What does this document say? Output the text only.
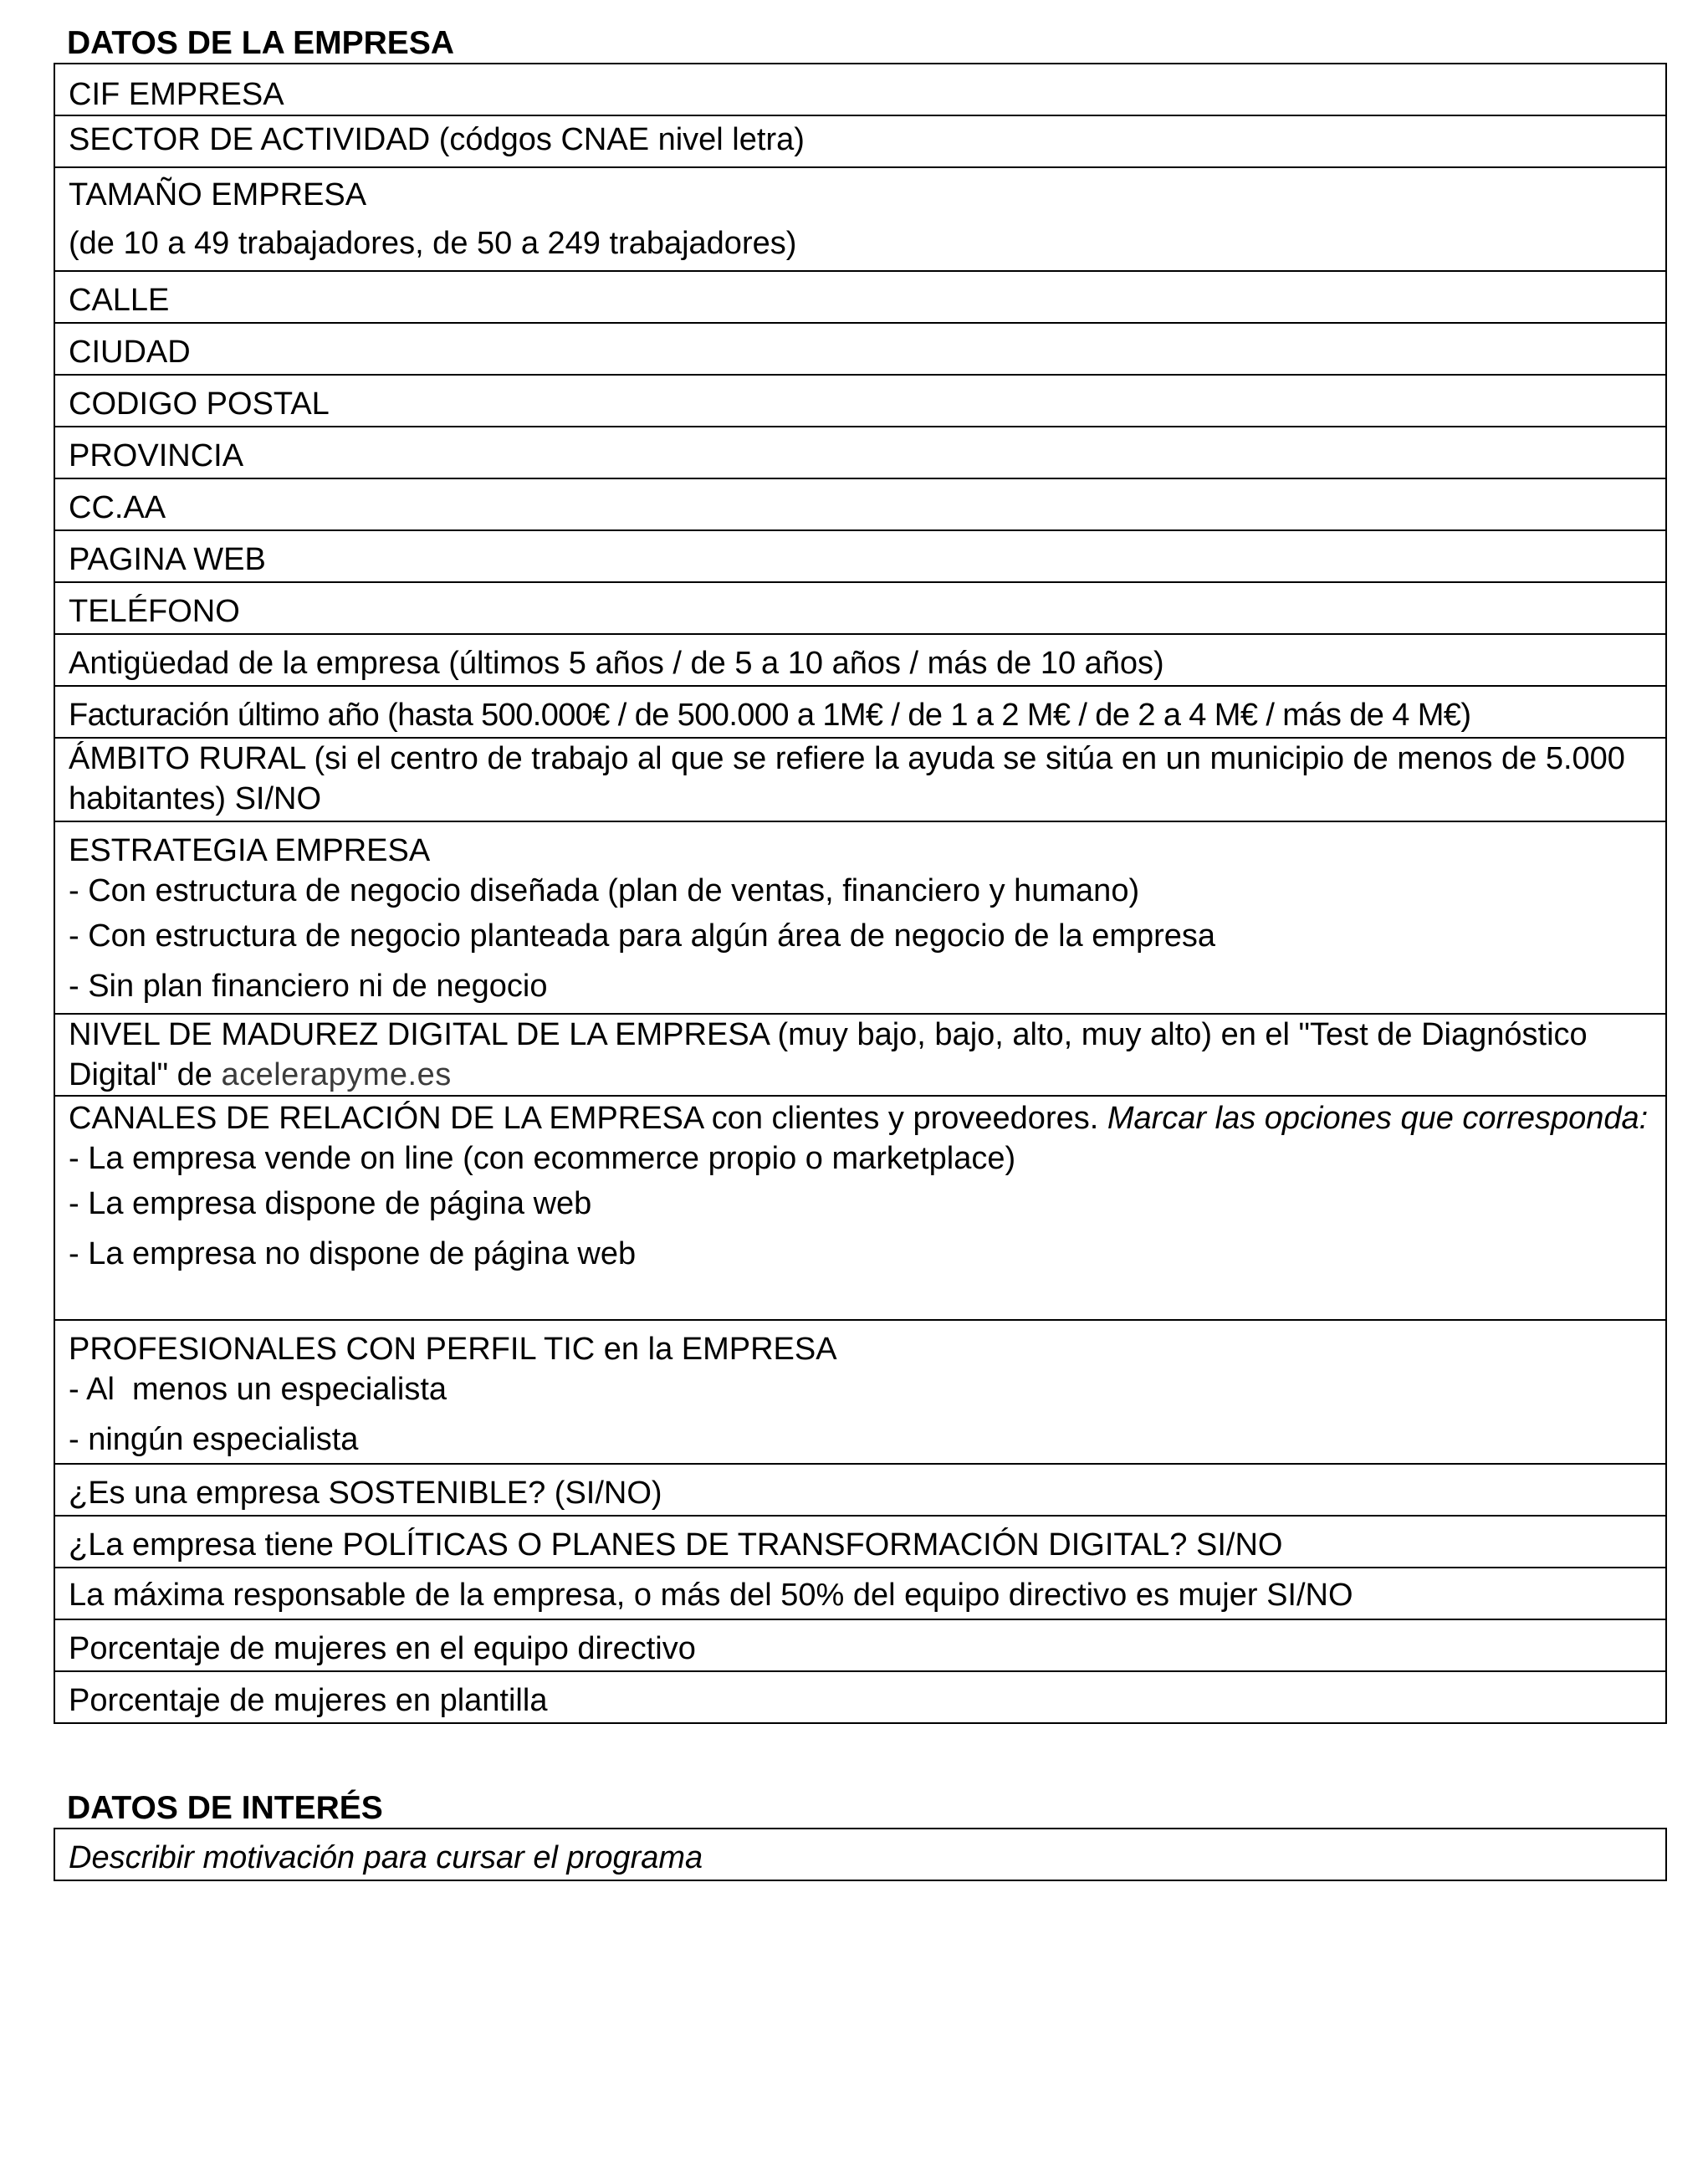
DATOS DE LA EMPRESA
CIF EMPRESA

SECTOR DE ACTIVIDAD (códgos CNAE nivel letra)

TAMAÑO EMPRESA
(de 10 a 49 trabajadores, de 50 a 249 trabajadores)

CALLE

CIUDAD

CODIGO POSTAL

PROVINCIA

CC.AA

PAGINA WEB

TELÉFONO

Antigüedad de la empresa (últimos 5 años / de 5 a 10 años / más de 10 años)

Facturación último año (hasta 500.000€ / de 500.000 a 1M€ / de 1 a 2 M€ / de 2 a 4 M€ / más de 4 M€)

ÁMBITO RURAL (si el centro de trabajo al que se refiere la ayuda se sitúa en un municipio de menos de 5.000 habitantes) SI/NO

ESTRATEGIA EMPRESA
- Con estructura de negocio diseñada (plan de ventas, financiero y humano)
- Con estructura de negocio planteada para algún área de negocio de la empresa
- Sin plan financiero ni de negocio

NIVEL DE MADUREZ DIGITAL DE LA EMPRESA (muy bajo, bajo, alto, muy alto) en el "Test de Diagnóstico Digital" de acelerapyme.es

CANALES DE RELACIÓN DE LA EMPRESA con clientes y proveedores. Marcar las opciones que corresponda:
- La empresa vende on line (con ecommerce propio o marketplace)
- La empresa dispone de página web
- La empresa no dispone de página web

PROFESIONALES CON PERFIL TIC en la EMPRESA
- Al  menos un especialista
- ningún especialista

¿Es una empresa SOSTENIBLE? (SI/NO)

¿La empresa tiene POLÍTICAS O PLANES DE TRANSFORMACIÓN DIGITAL? SI/NO

La máxima responsable de la empresa, o más del 50% del equipo directivo es mujer SI/NO

Porcentaje de mujeres en el equipo directivo

Porcentaje de mujeres en plantilla
DATOS DE INTERÉS
Describir motivación para cursar el programa
